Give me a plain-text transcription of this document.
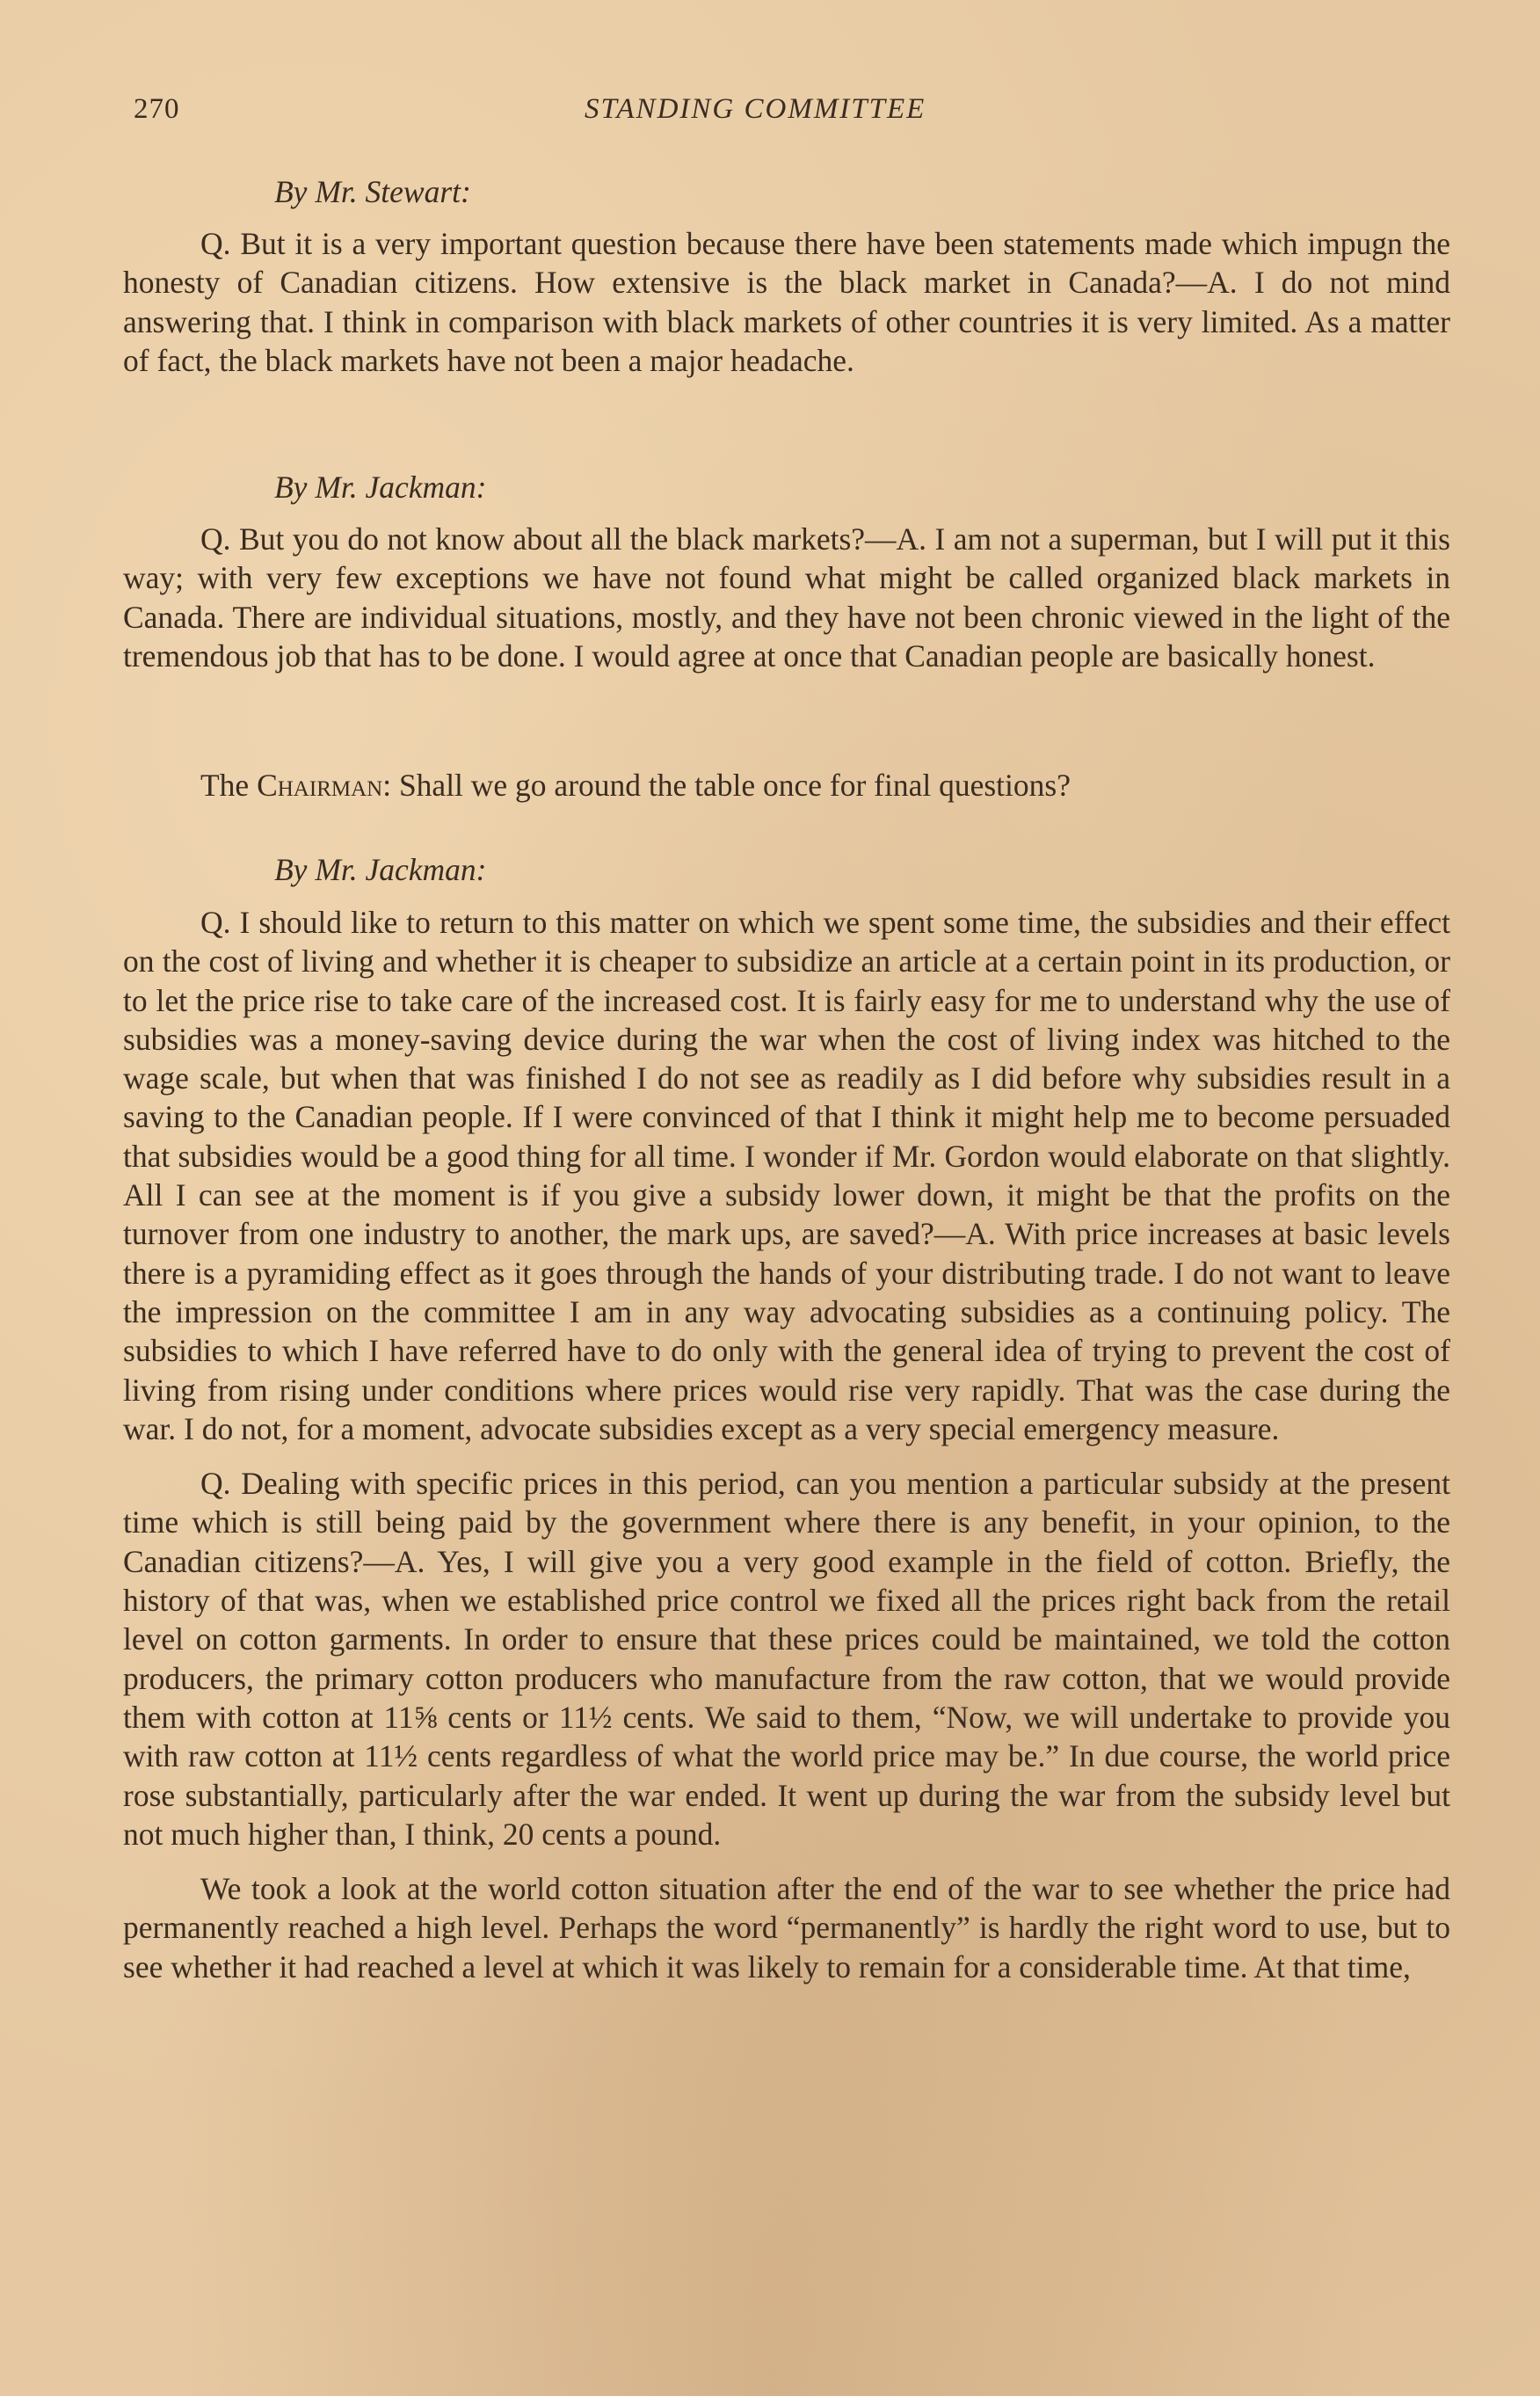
270	STANDING COMMITTEE
By Mr. Stewart:

Q. But it is a very important question because there have been statements made which impugn the honesty of Canadian citizens. How extensive is the black market in Canada?—A. I do not mind answering that. I think in comparison with black markets of other countries it is very limited. As a matter of fact, the black markets have not been a major headache.

By Mr. Jackman:

Q. But you do not know about all the black markets?—A. I am not a superman, but I will put it this way; with very few exceptions we have not found what might be called organized black markets in Canada. There are individual situations, mostly, and they have not been chronic viewed in the light of the tremendous job that has to be done. I would agree at once that Canadian people are basically honest.

The Chairman: Shall we go around the table once for final questions?
By Mr. Jackman:

Q. I should like to return to this matter on which we spent some time, the subsidies and their effect on the cost of living and whether it is cheaper to subsidize an article at a certain point in its production, or to let the price rise to take care of the increased cost. It is fairly easy for me to understand why the use of subsidies was a money-saving device during the war when the cost of living index was hitched to the wage scale, but when that was finished I do not see as readily as I did before why subsidies result in a saving to the Canadian people. If I were convinced of that I think it might help me to become persuaded that subsidies would be a good thing for all time. I wonder if Mr. Gordon would elaborate on that slightly. All I can see at the moment is if you give a subsidy lower down, it might be that the profits on the turnover from one industry to another, the mark ups, are saved?—A. With price increases at basic levels there is a pyramiding effect as it goes through the hands of your distributing trade. I do not want to leave the impression on the committee I am in any way advocating subsidies as a continuing policy. The subsidies to which I have referred have to do only with the general idea of trying to prevent the cost of living from rising under conditions where prices would rise very rapidly. That was the case during the war. I do not, for a moment, advocate subsidies except as a very special emergency measure.

Q. Dealing with specific prices in this period, can you mention a particular subsidy at the present time which is still being paid by the government where there is any benefit, in your opinion, to the Canadian citizens?—A. Yes, I will give you a very good example in the field of cotton. Briefly, the history of that was, when we established price control we fixed all the prices right back from the retail level on cotton garments. In order to ensure that these prices could be maintained, we told the cotton producers, the primary cotton producers who manufacture from the raw cotton, that we would provide them with cotton at 11⅝ cents or 11½ cents. We said to them, “Now, we will undertake to provide you with raw cotton at 11½ cents regardless of what the world price may be.” In due course, the world price rose substantially, particularly after the war ended. It went up during the war from the subsidy level but not much higher than, I think, 20 cents a pound.

We took a look at the world cotton situation after the end of the war to see whether the price had permanently reached a high level. Perhaps the word “permanently” is hardly the right word to use, but to see whether it had reached a level at which it was likely to remain for a considerable time. At that time,
